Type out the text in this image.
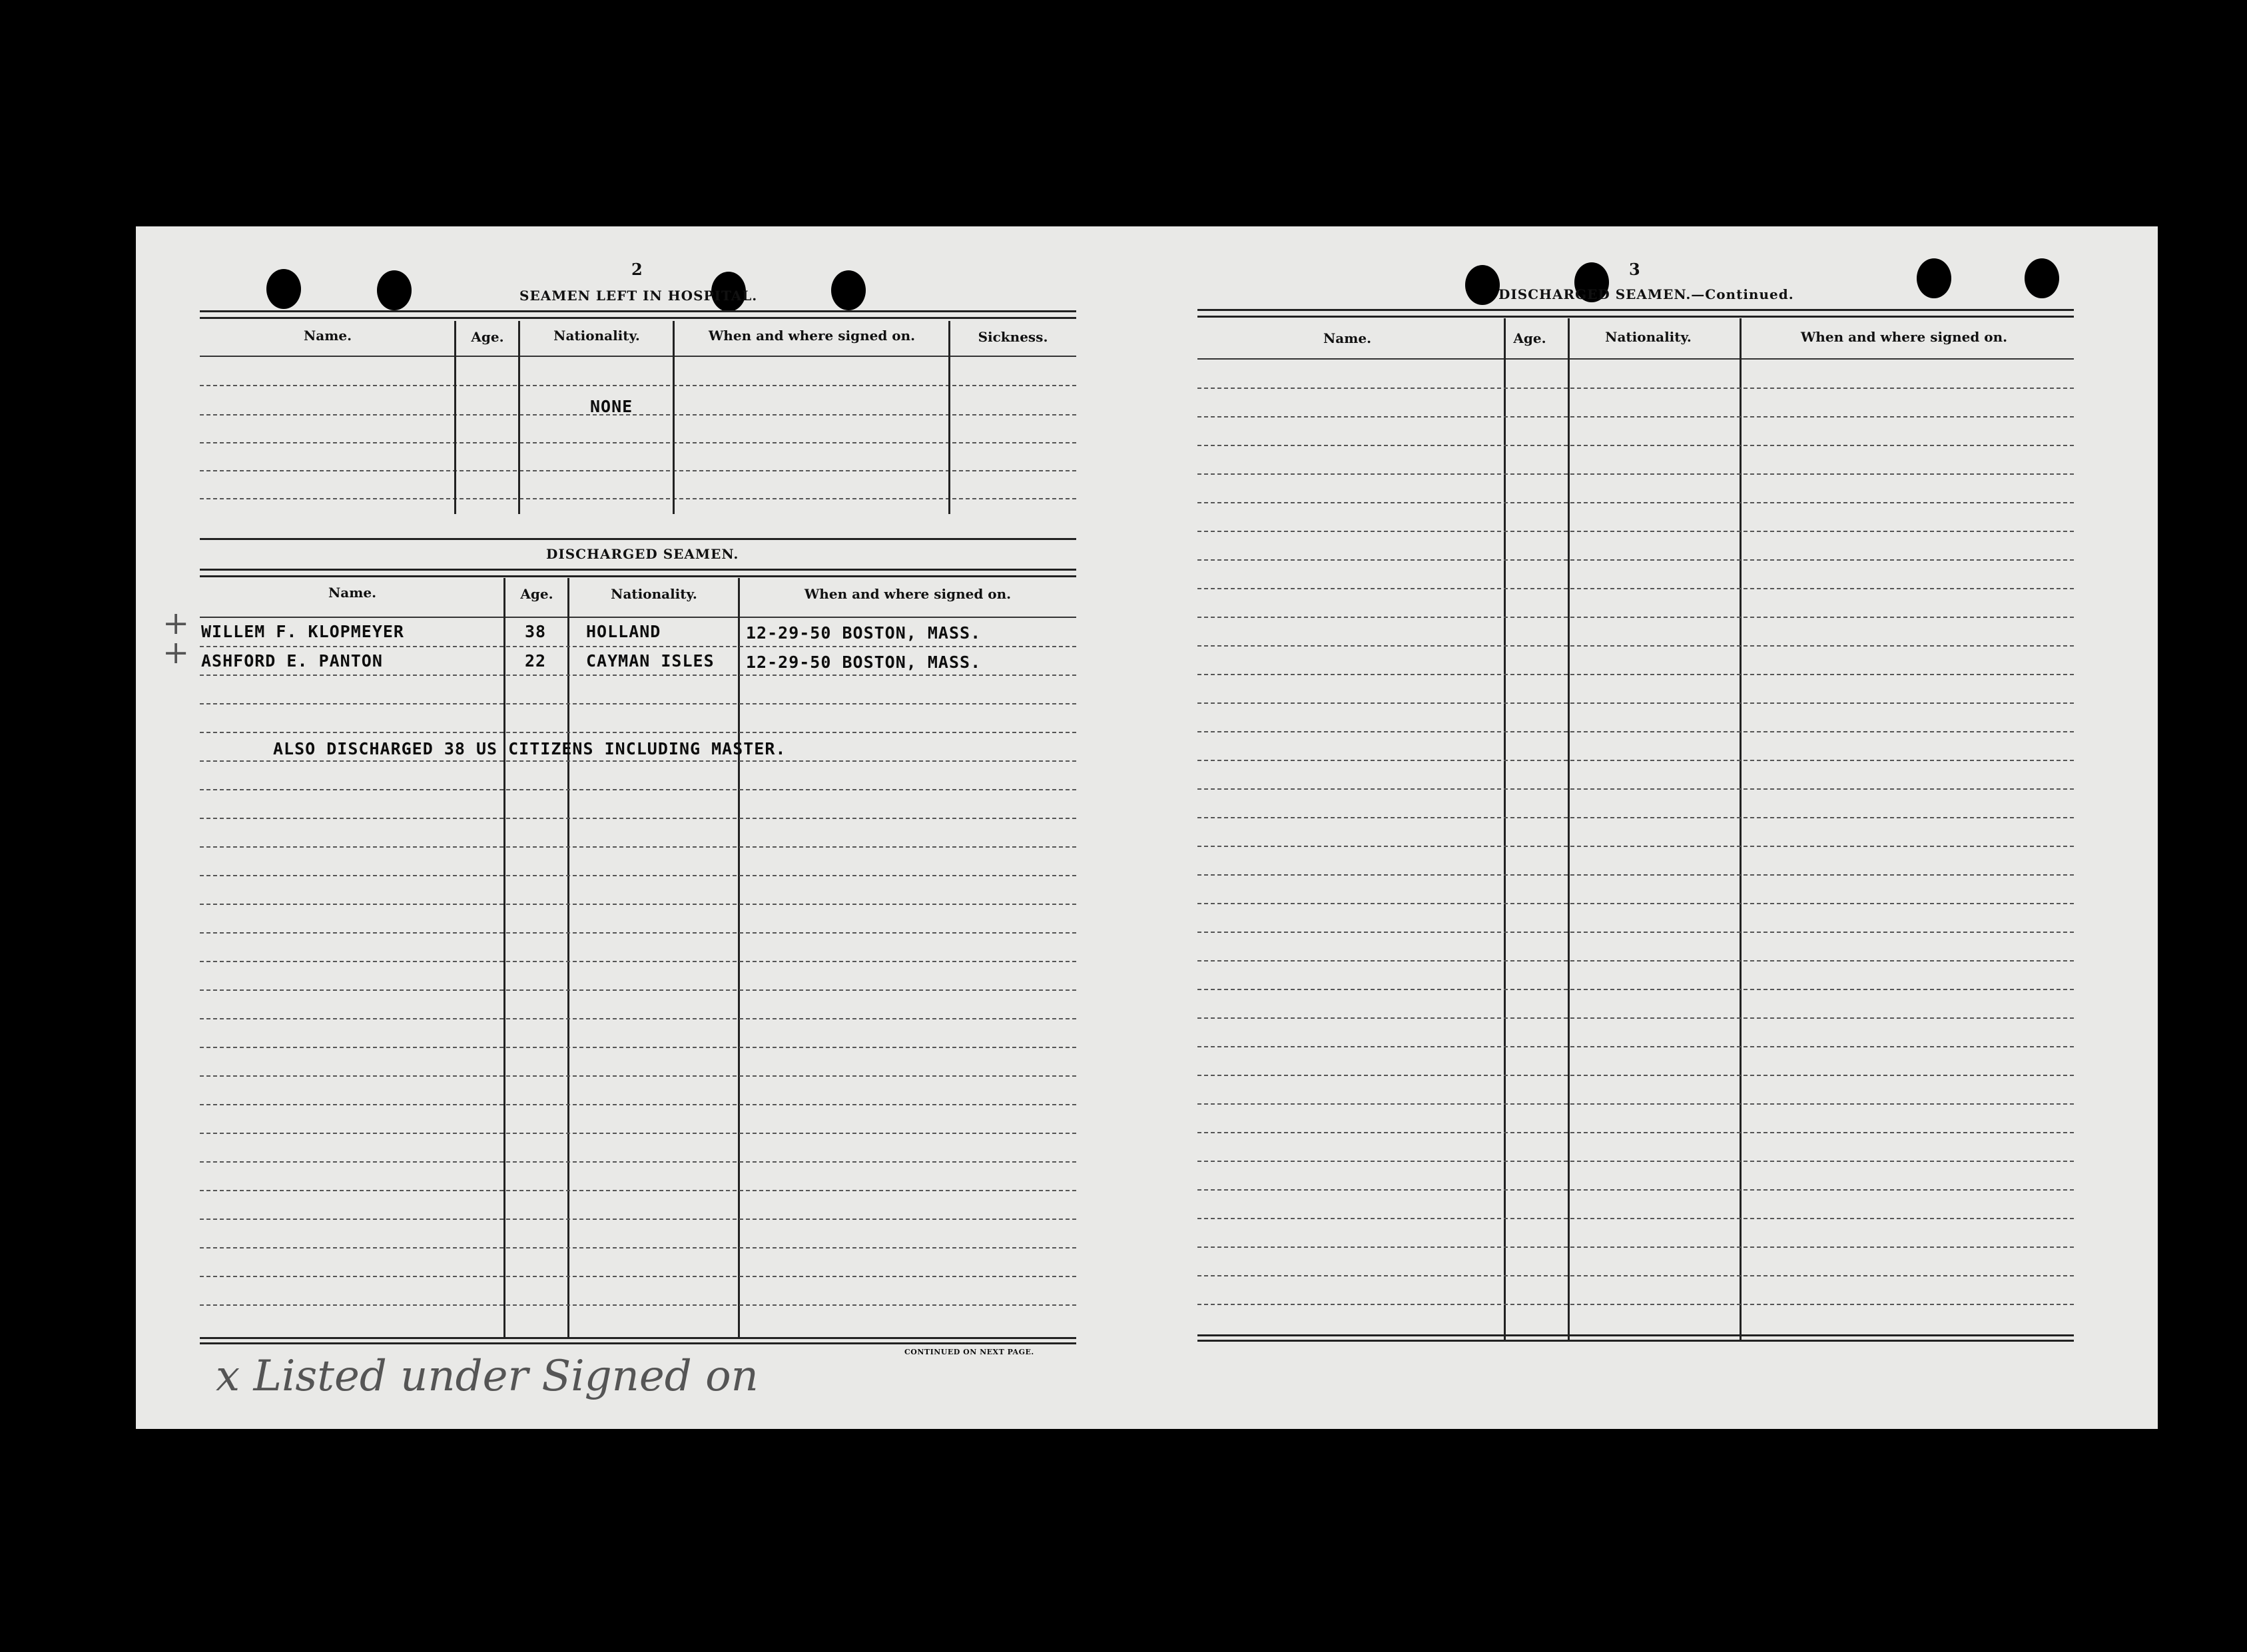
2
SEAMEN LEFT IN HOSPITAL.
Name.	Age.	Nationality.	When and where signed on.	Sickness.
NONE
DISCHARGED SEAMEN.
Name.	Age.	Nationality.	When and where signed on.
WILLEM F. KLOPMEYER	38 HOLLAND	12-29-50 BOSTON, MASS.
ASHFORD E. PANTON	22 CAYMAN ISLES 12-29-50 BOSTON, MASS.
ALSO DISCHARGED 38 US CITIZENS INCLUDING MASTER.
+
+
CONTINUED ON NEXT PAGE.
x Listed under Signed on
3
DISCHARGED SEAMEN.—Continued.
Name.	Age.	Nationality.	When and where signed on.
